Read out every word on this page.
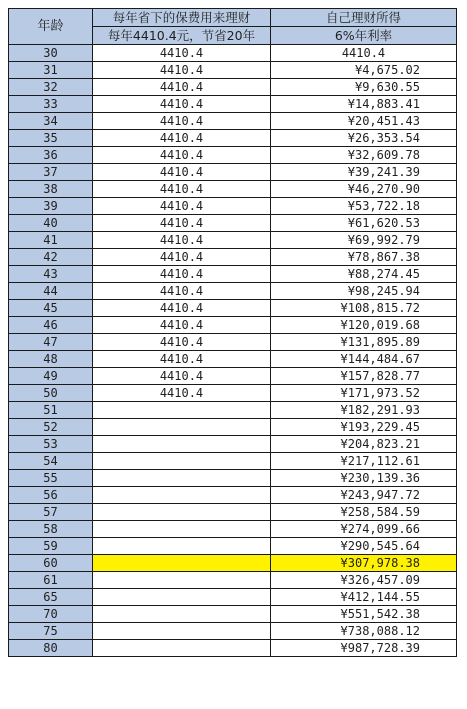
年龄	每年省下的保费用来理财	自己理财所得
	每年4410.4元，节省20年	6%年利率
30	4410.4	4410.4
31	4410.4	¥4,675.02
32	4410.4	¥9,630.55
33	4410.4	¥14,883.41
34	4410.4	¥20,451.43
35	4410.4	¥26,353.54
36	4410.4	¥32,609.78
37	4410.4	¥39,241.39
38	4410.4	¥46,270.90
39	4410.4	¥53,722.18
40	4410.4	¥61,620.53
41	4410.4	¥69,992.79
42	4410.4	¥78,867.38
43	4410.4	¥88,274.45
44	4410.4	¥98,245.94
45	4410.4	¥108,815.72
46	4410.4	¥120,019.68
47	4410.4	¥131,895.89
48	4410.4	¥144,484.67
49	4410.4	¥157,828.77
50	4410.4	¥171,973.52
51		¥182,291.93
52		¥193,229.45
53		¥204,823.21
54		¥217,112.61
55		¥230,139.36
56		¥243,947.72
57		¥258,584.59
58		¥274,099.66
59		¥290,545.64
60		¥307,978.38
61		¥326,457.09
65		¥412,144.55
70		¥551,542.38
75		¥738,088.12
80		¥987,728.39
